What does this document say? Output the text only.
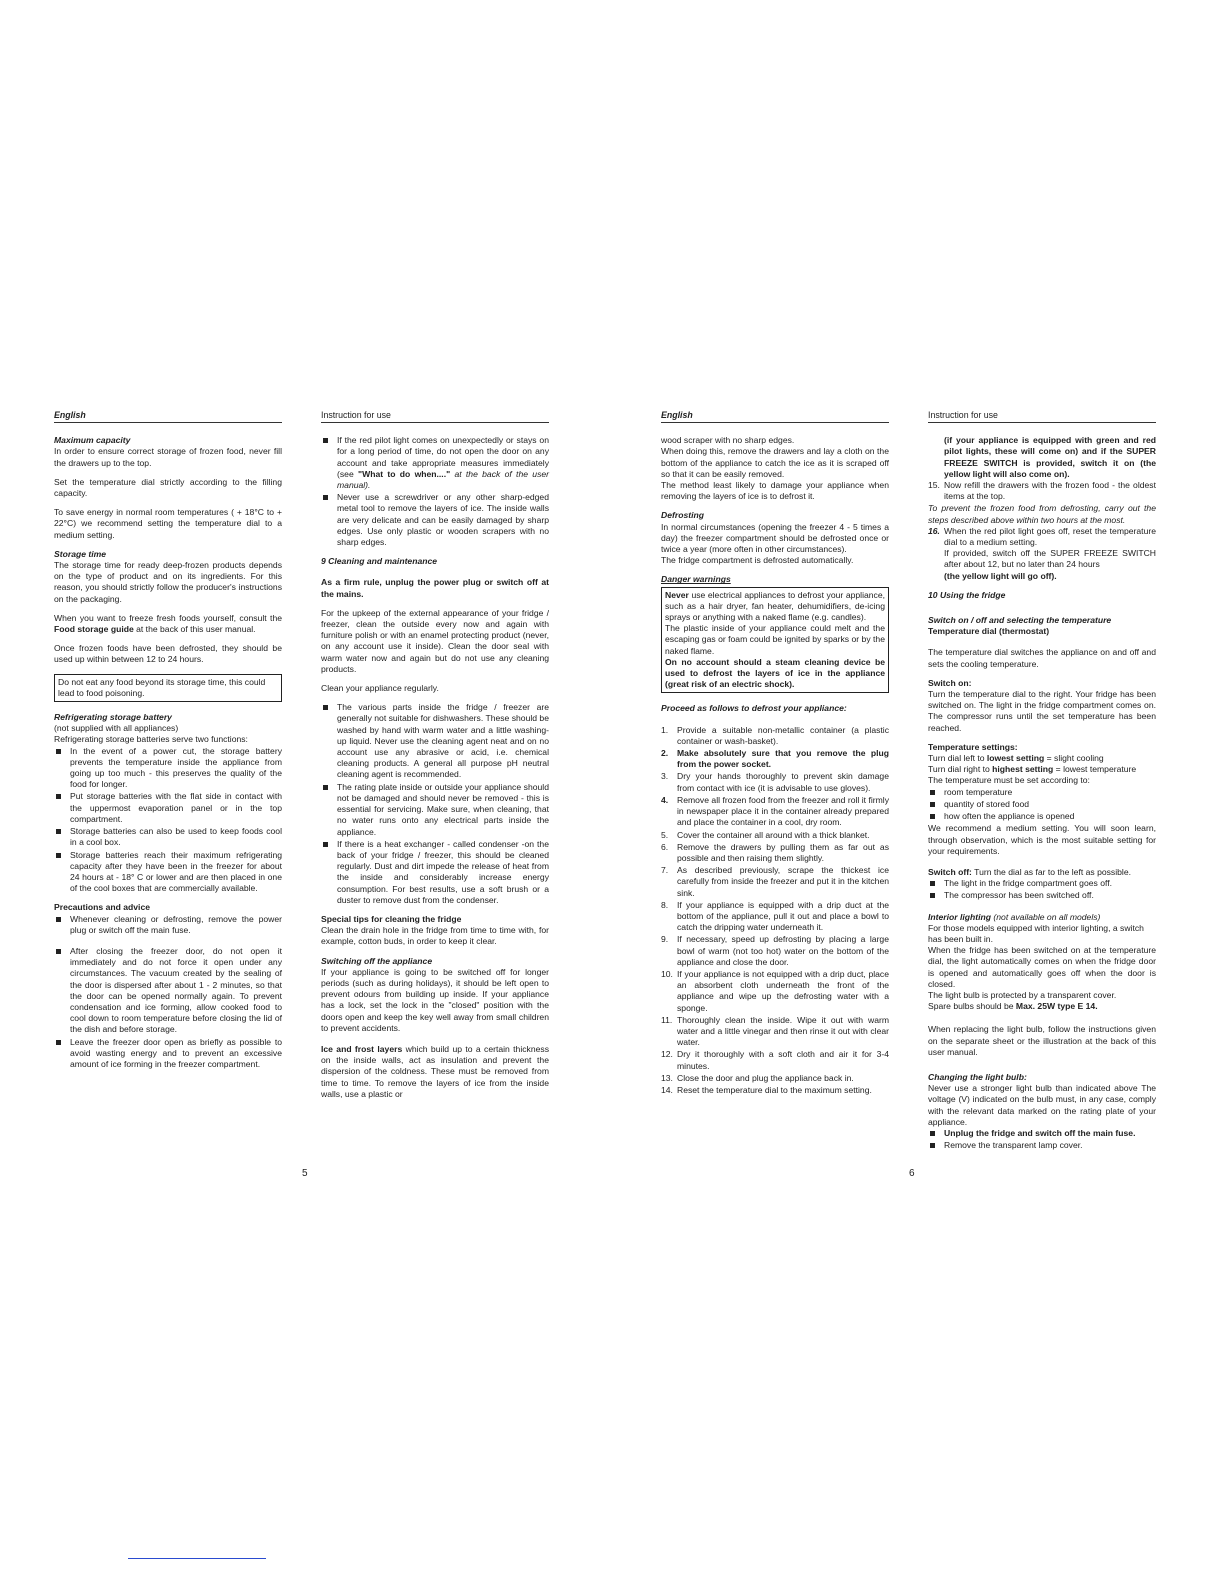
English
Maximum capacity

In order to ensure correct storage of frozen food, never fill the drawers up to the top.

Set the temperature dial strictly according to the filling capacity.

To save energy in normal room temperatures ( + 18°C to + 22°C) we recommend setting the temperature dial to a medium setting.

Storage time

The storage time for ready deep-frozen products depends on the type of product and on its ingredients. For this reason, you should strictly follow the producer's instructions on the packaging.

When you want to freeze fresh foods yourself, consult the Food storage guide at the back of this user manual.

Once frozen foods have been defrosted, they should be used up within between 12 to 24 hours.

Do not eat any food beyond its storage time, this could lead to food poisoning.
Refrigerating storage battery
(not supplied with all appliances)
Refrigerating storage batteries serve two functions:
In the event of a power cut, the storage battery prevents the temperature inside the appliance from going up too much - this preserves the quality of the food for longer.
Put storage batteries with the flat side in contact with the uppermost evaporation panel or in the top compartment.
Storage batteries can also be used to keep foods cool in a cool box.
Storage batteries reach their maximum refrigerating capacity after they have been in the freezer for about 24 hours at - 18° C or lower and are then placed in one of the cool boxes that are commercially available.
Precautions and advice
Whenever cleaning or defrosting, remove the power plug or switch off the main fuse.
After closing the freezer door, do not open it immediately and do not force it open under any circumstances. The vacuum created by the sealing of the door is dispersed after about 1 - 2 minutes, so that the door can be opened normally again. To prevent condensation and ice forming, allow cooked food to cool down to room temperature before closing the lid of the dish and before storage.
Leave the freezer door open as briefly as possible to avoid wasting energy and to prevent an excessive amount of ice forming in the freezer compartment.
Instruction for use
If the red pilot light comes on unexpectedly or stays on for a long period of time, do not open the door on any account and take appropriate measures immediately (see "What to do when...." at the back of the user manual).
Never use a screwdriver or any other sharp-edged metal tool to remove the layers of ice. The inside walls are very delicate and can be easily damaged by sharp edges. Use only plastic or wooden scrapers with no sharp edges.
9 Cleaning and maintenance

As a firm rule, unplug the power plug or switch off at the mains.

For the upkeep of the external appearance of your fridge / freezer, clean the outside every now and again with furniture polish or with an enamel protecting product (never, on any account use it inside). Clean the door seal with warm water now and again but do not use any cleaning products.

Clean your appliance regularly.

The various parts inside the fridge / freezer are generally not suitable for dishwashers. These should be washed by hand with warm water and a little washing-up liquid. Never use the cleaning agent neat and on no account use any abrasive or acid, i.e. chemical cleaning products. A general all purpose pH neutral cleaning agent is recommended.
The rating plate inside or outside your appliance should not be damaged and should never be removed - this is essential for servicing. Make sure, when cleaning, that no water runs onto any electrical parts inside the appliance.
If there is a heat exchanger - called condenser -on the back of your fridge / freezer, this should be cleaned regularly. Dust and dirt impede the release of heat from the inside and considerably increase energy consumption. For best results, use a soft brush or a duster to remove dust from the condenser.
Special tips for cleaning the fridge

Clean the drain hole in the fridge from time to time with, for example, cotton buds, in order to keep it clear.

Switching off the appliance

If your appliance is going to be switched off for longer periods (such as during holidays), it should be left open to prevent odours from building up inside. If your appliance has a lock, set the lock in the "closed" position with the doors open and keep the key well away from small children to prevent accidents.

Ice and frost layers which build up to a certain thickness on the inside walls, act as insulation and prevent the dispersion of the coldness. These must be removed from time to time. To remove the layers of ice from the inside walls, use a plastic or

5
English
wood scraper with no sharp edges.
When doing this, remove the drawers and lay a cloth on the bottom of the appliance to catch the ice as it is scraped off so that it can be easily removed.

The method least likely to damage your appliance when removing the layers of ice is to defrost it.

Defrosting
In normal circumstances (opening the freezer 4 - 5 times a day) the freezer compartment should be defrosted once or twice a year (more often in other circumstances).

The fridge compartment is defrosted automatically.

Danger warnings
Never use electrical appliances to defrost your appliance, such as a hair dryer, fan heater, dehumidifiers, de-icing sprays or anything with a naked flame (e.g. candles).
The plastic inside of your appliance could melt and the escaping gas or foam could be ignited by sparks or by the naked flame.
On no account should a steam cleaning device be used to defrost the layers of ice in the appliance (great risk of an electric shock).
Proceed as follows to defrost your appliance:
1. Provide a suitable non-metallic container (a plastic container or wash-basket).
2. Make absolutely sure that you remove the plug from the power socket.
3. Dry your hands thoroughly to prevent skin damage from contact with ice (it is advisable to use gloves).
4. Remove all frozen food from the freezer and roll it firmly in newspaper place it in the container already prepared and place the container in a cool, dry room.
5. Cover the container all around with a thick blanket.
6. Remove the drawers by pulling them as far out as possible and then raising them slightly.
7. As described previously, scrape the thickest ice carefully from inside the freezer and put it in the kitchen sink.
8. If your appliance is equipped with a drip duct at the bottom of the appliance, pull it out and place a bowl to catch the dripping water underneath it.
9. If necessary, speed up defrosting by placing a large bowl of warm (not too hot) water on the bottom of the appliance and close the door.
10. If your appliance is not equipped with a drip duct, place an absorbent cloth underneath the front of the appliance and wipe up the defrosting water with a sponge.
11. Thoroughly clean the inside. Wipe it out with warm water and a little vinegar and then rinse it out with clear water.
12. Dry it thoroughly with a soft cloth and air it for 3-4 minutes.
13. Close the door and plug the appliance back in.
14. Reset the temperature dial to the maximum setting.
Instruction for use
(if your appliance is equipped with green and red pilot lights, these will come on) and if the SUPER FREEZE SWITCH is provided, switch it on (the yellow light will also come on).
15. Now refill the drawers with the frozen food - the oldest items at the top.
To prevent the frozen food from defrosting, carry out the steps described above within two hours at the most.
16. When the red pilot light goes off, reset the temperature dial to a medium setting.
If provided, switch off the SUPER FREEZE SWITCH after about 12, but no later than 24 hours
(the yellow light will go off).
10 Using the fridge
Switch on / off and selecting the temperature
Temperature dial (thermostat)

The temperature dial switches the appliance on and off and sets the cooling temperature.

Switch on:

Turn the temperature dial to the right. Your fridge has been switched on. The light in the fridge compartment comes on. The compressor runs until the set temperature has been reached.

Temperature settings:
Turn dial left to lowest setting = slight cooling
Turn dial right to highest setting = lowest temperature
The temperature must be set according to:
room temperature
quantity of stored food
how often the appliance is opened

We recommend a medium setting. You will soon learn, through observation, which is the most suitable setting for your requirements.

Switch off: Turn the dial as far to the left as possible.
The light in the fridge compartment goes off.
The compressor has been switched off.
Interior lighting (not available on all models)
For those models equipped with interior lighting, a switch has been built in.
When the fridge has been switched on at the temperature dial, the light automatically comes on when the fridge door is opened and automatically goes off when the door is closed.
The light bulb is protected by a transparent cover.

Spare bulbs should be Max. 25W type E 14.

When replacing the light bulb, follow the instructions given on the separate sheet or the illustration at the back of this user manual.

Changing the light bulb:
Never use a stronger light bulb than indicated above The voltage (V) indicated on the bulb must, in any case, comply with the relevant data marked on the rating plate of your appliance.
Unplug the fridge and switch off the main fuse.
Remove the transparent lamp cover.
6
